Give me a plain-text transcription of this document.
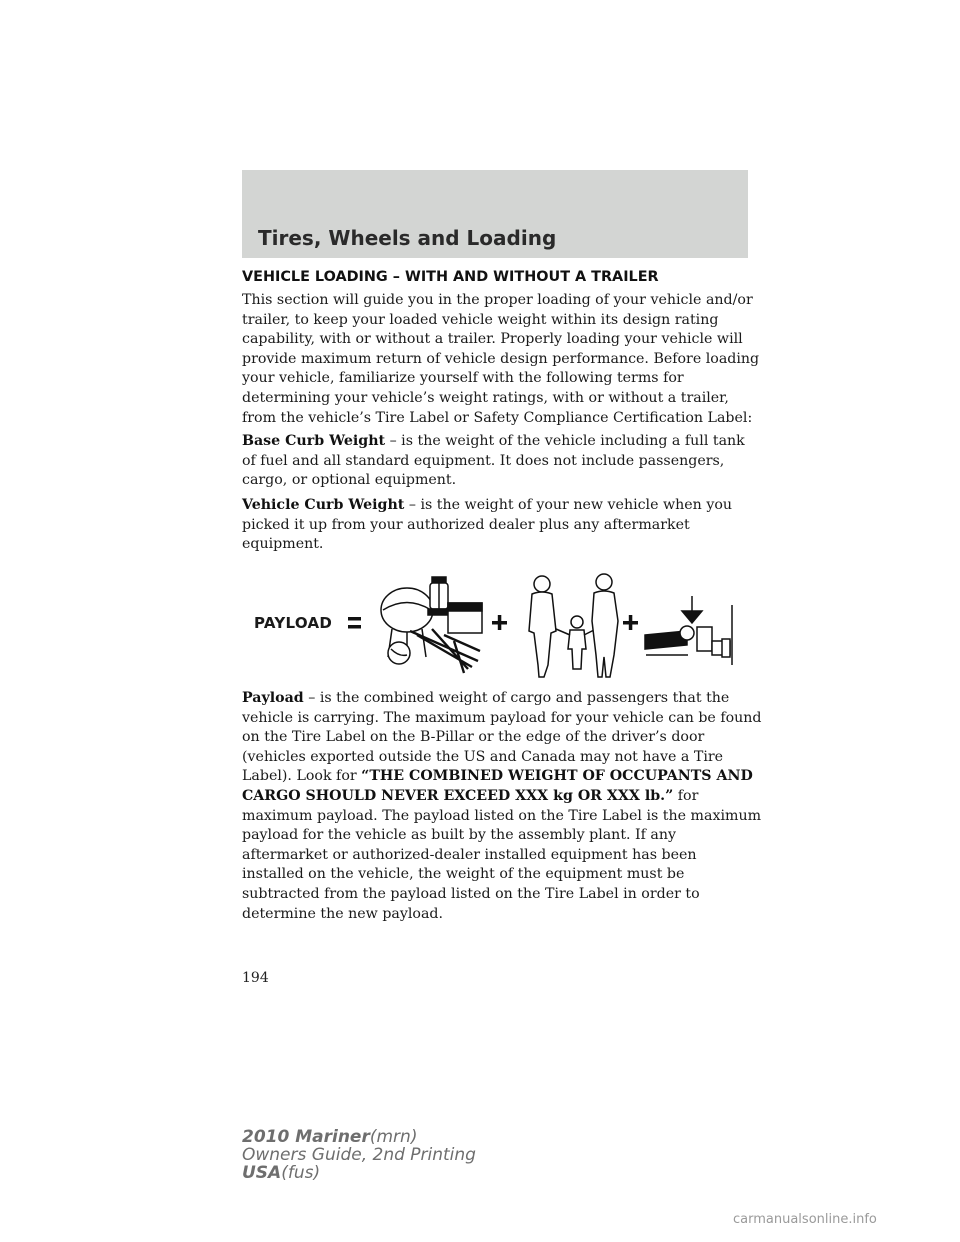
Tires, Wheels and Loading
VEHICLE LOADING – WITH AND WITHOUT A TRAILER

This section will guide you in the proper loading of your vehicle and/or trailer, to keep your loaded vehicle weight within its design rating capability, with or without a trailer. Properly loading your vehicle will provide maximum return of vehicle design performance. Before loading your vehicle, familiarize yourself with the following terms for determining your vehicle’s weight ratings, with or without a trailer, from the vehicle’s Tire Label or Safety Compliance Certification Label:

Base Curb Weight – is the weight of the vehicle including a full tank of fuel and all standard equipment. It does not include passengers, cargo, or optional equipment.

Vehicle Curb Weight – is the weight of your new vehicle when you picked it up from your authorized dealer plus any aftermarket equipment.

PAYLOAD

Payload – is the combined weight of cargo and passengers that the vehicle is carrying. The maximum payload for your vehicle can be found on the Tire Label on the B-Pillar or the edge of the driver’s door (vehicles exported outside the US and Canada may not have a Tire Label). Look for “THE COMBINED WEIGHT OF OCCUPANTS AND CARGO SHOULD NEVER EXCEED XXX kg OR XXX lb.” for maximum payload. The payload listed on the Tire Label is the maximum payload for the vehicle as built by the assembly plant. If any aftermarket or authorized-dealer installed equipment has been installed on the vehicle, the weight of the equipment must be subtracted from the payload listed on the Tire Label in order to determine the new payload.

194
2010 Mariner(mrn)
Owners Guide, 2nd Printing
USA(fus)
carmanualsonline.info
